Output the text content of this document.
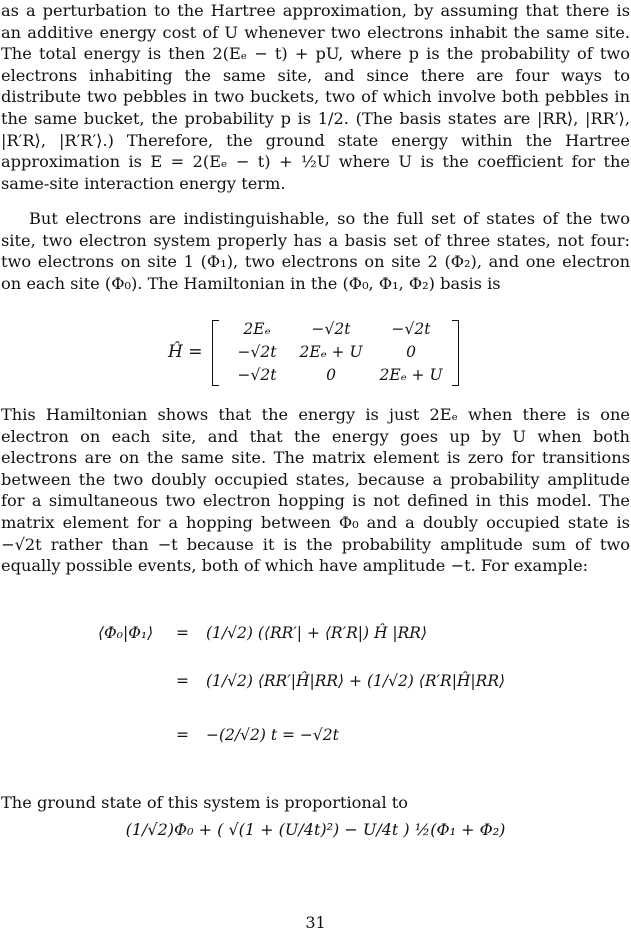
as a perturbation to the Hartree approximation, by assuming that there is an additive energy cost of U whenever two electrons inhabit the same site. The total energy is then 2(Eₑ − t) + pU, where p is the probability of two electrons inhabiting the same site, and since there are four ways to distribute two pebbles in two buckets, two of which involve both pebbles in the same bucket, the probability p is 1/2. (The basis states are |RR⟩, |RR′⟩, |R′R⟩, |R′R′⟩.) Therefore, the ground state energy within the Hartree approximation is E = 2(Eₑ − t) + ½U where U is the coefficient for the same-site interaction energy term.

But electrons are indistinguishable, so the full set of states of the two site, two electron system properly has a basis set of three states, not four: two electrons on site 1 (Φ₁), two electrons on site 2 (Φ₂), and one electron on each site (Φ₀). The Hamiltonian in the (Φ₀, Φ₁, Φ₂) basis is

Ĥ =
2Eₑ	−√2t	−√2t
−√2t	2Eₑ + U	0
−√2t	0	2Eₑ + U

This Hamiltonian shows that the energy is just 2Eₑ when there is one electron on each site, and that the energy goes up by U when both electrons are on the same site. The matrix element is zero for transitions between the two doubly occupied states, because a probability amplitude for a simultaneous two electron hopping is not defined in this model. The matrix element for a hopping between Φ₀ and a doubly occupied state is −√2t rather than −t because it is the probability amplitude sum of two equally possible events, both of which have amplitude −t. For example:

⟨Φ₀|Φ₁⟩ = (1/√2) (⟨RR′| + ⟨R′R|) Ĥ |RR⟩
= (1/√2) ⟨RR′|Ĥ|RR⟩ + (1/√2) ⟨R′R|Ĥ|RR⟩
= −(2/√2) t = −√2t

The ground state of this system is proportional to

(1/√2)Φ₀ + ( √(1 + (U/4t)²) − U/4t ) ½(Φ₁ + Φ₂)
31
